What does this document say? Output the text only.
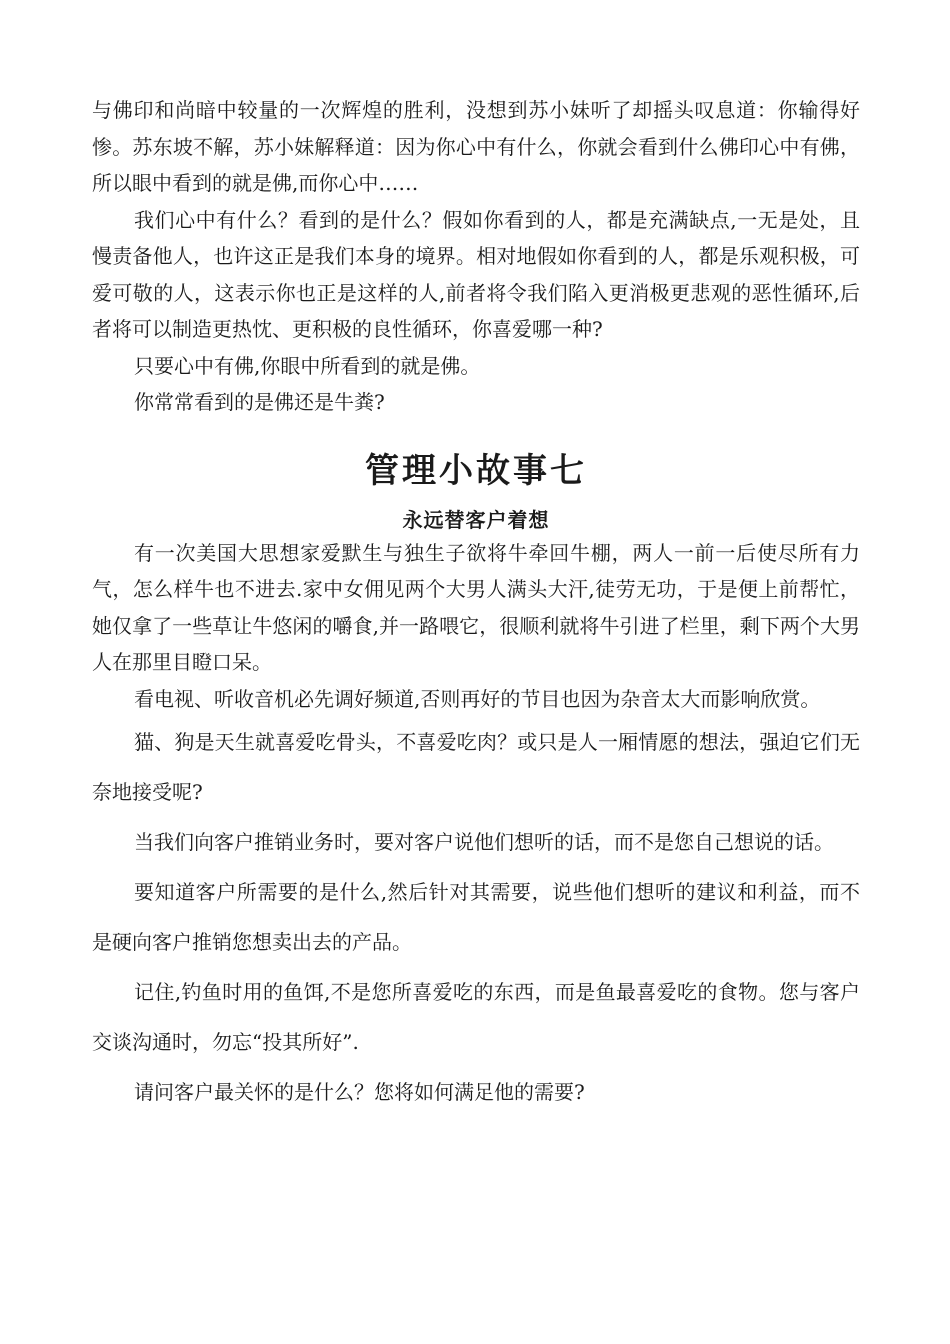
与佛印和尚暗中较量的一次辉煌的胜利，没想到苏小妹听了却摇头叹息道：你输得好惨。苏东坡不解，苏小妹解释道：因为你心中有什么，你就会看到什么佛印心中有佛，所以眼中看到的就是佛,而你心中……

我们心中有什么？看到的是什么？假如你看到的人，都是充满缺点,一无是处，且慢责备他人，也许这正是我们本身的境界。相对地假如你看到的人，都是乐观积极，可爱可敬的人，这表示你也正是这样的人,前者将令我们陷入更消极更悲观的恶性循环,后者将可以制造更热忱、更积极的良性循环，你喜爱哪一种?

只要心中有佛,你眼中所看到的就是佛。

你常常看到的是佛还是牛粪?

管理小故事七
永远替客户着想

有一次美国大思想家爱默生与独生子欲将牛牵回牛棚，两人一前一后使尽所有力气，怎么样牛也不进去.家中女佣见两个大男人满头大汗,徒劳无功，于是便上前帮忙，她仅拿了一些草让牛悠闲的嚼食,并一路喂它，很顺利就将牛引进了栏里，剩下两个大男人在那里目瞪口呆。

看电视、听收音机必先调好频道,否则再好的节目也因为杂音太大而影响欣赏。

猫、狗是天生就喜爱吃骨头，不喜爱吃肉？或只是人一厢情愿的想法，强迫它们无奈地接受呢?

当我们向客户推销业务时，要对客户说他们想听的话，而不是您自己想说的话。

要知道客户所需要的是什么,然后针对其需要，说些他们想听的建议和利益，而不是硬向客户推销您想卖出去的产品。

记住,钓鱼时用的鱼饵,不是您所喜爱吃的东西，而是鱼最喜爱吃的食物。您与客户交谈沟通时，勿忘“投其所好”.

请问客户最关怀的是什么？您将如何满足他的需要?
